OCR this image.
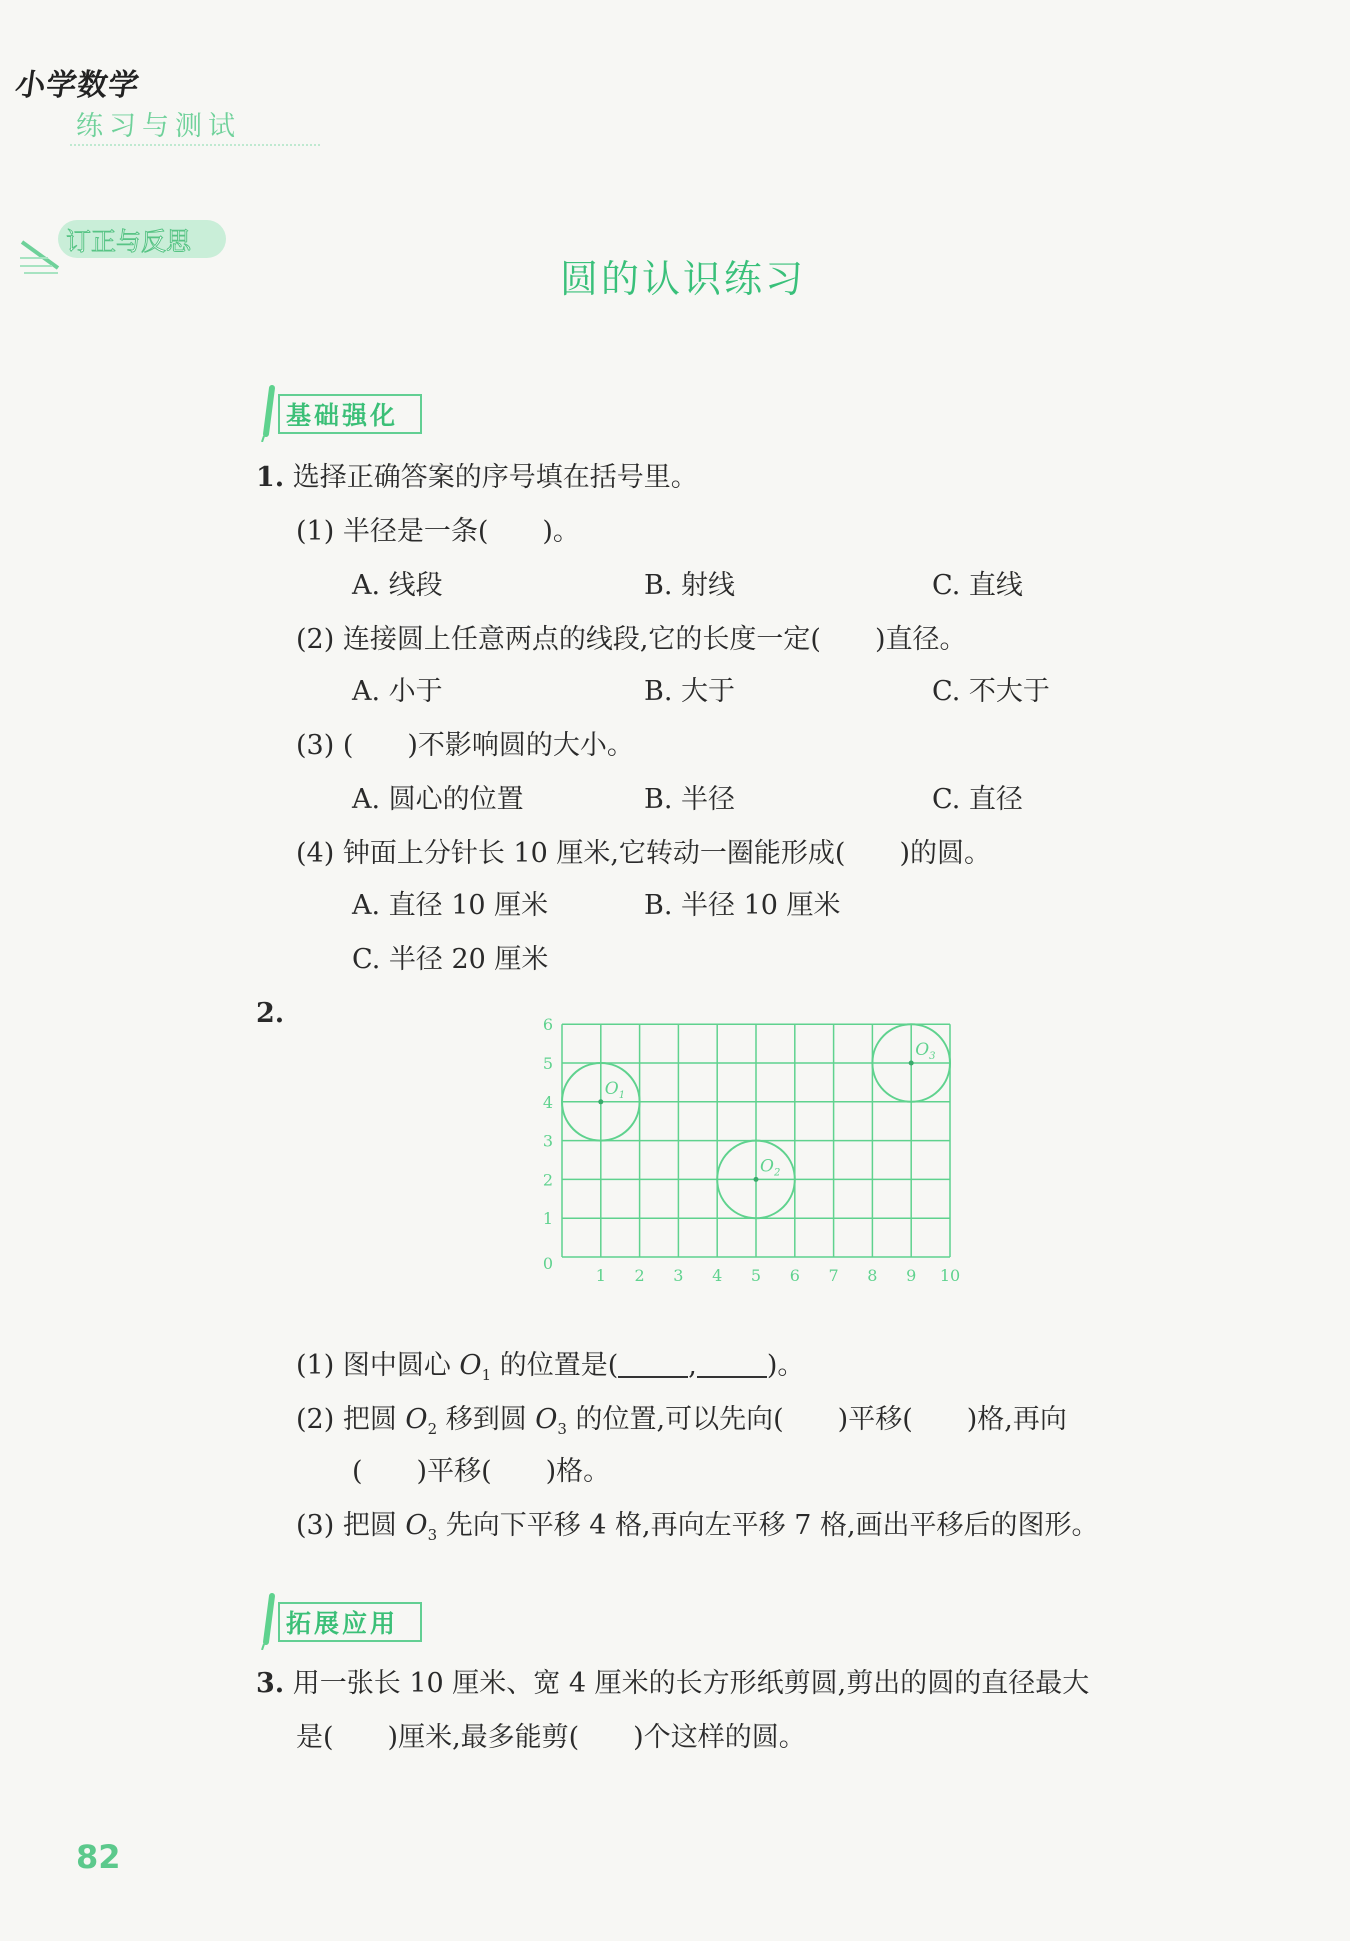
小学数学
练习与测试
订正与反思
圆的认识练习
基础强化
1. 选择正确答案的序号填在括号里。
(1) 半径是一条(　　)。
A. 线段	B. 射线	C. 直线
(2) 连接圆上任意两点的线段,它的长度一定(　　)直径。
A. 小于	B. 大于	C. 不大于
(3) (　　)不影响圆的大小。
A. 圆心的位置	B. 半径	C. 直径
(4) 钟面上分针长 10 厘米,它转动一圈能形成(　　)的圆。
A. 直径 10 厘米	B. 半径 10 厘米
C. 半径 20 厘米
2.
1 2 3 4 5 6 7 8 9 10
0
1
2
3
4
5
6
$O_1$
$O_2$
$O_3$
(1) 图中圆心 $O_1$ 的位置是(	,	)。
(2) 把圆 $O_2$ 移到圆 $O_3$ 的位置,可以先向(　　)平移(　　)格,再向
(　　)平移(　　)格。
(3) 把圆 $O_3$ 先向下平移 4 格,再向左平移 7 格,画出平移后的图形。
拓展应用
3. 用一张长 10 厘米、宽 4 厘米的长方形纸剪圆,剪出的圆的直径最大
是(　　)厘米,最多能剪(　　)个这样的圆。
82
